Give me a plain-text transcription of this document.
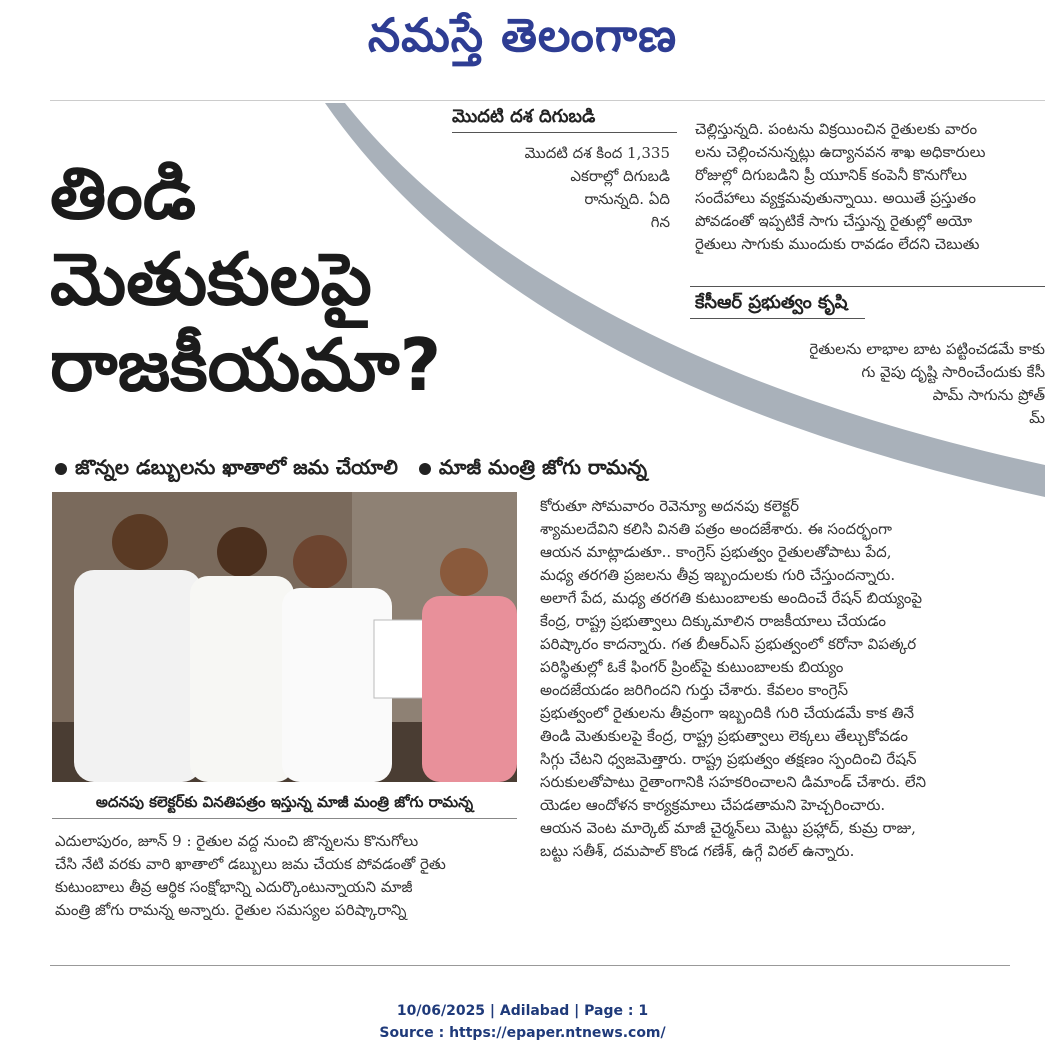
నమస్తే తెలంగాణ
తిండి
మెతుకులపై
రాజకీయమా?
మొదటి దశ దిగుబడి
మొదటి దశ కింద 1,335
ఎకరాల్లో దిగుబడి
రానున్నది. ఏది
గిన
చెల్లిస్తున్నది. పంటను విక్రయించిన రైతులకు వారం
లను చెల్లించనున్నట్లు ఉద్యానవన శాఖ అధికారులు
రోజుల్లో దిగుబడిని ప్రీ యూనిక్ కంపెనీ కొనుగోలు
సందేహాలు వ్యక్తమవుతున్నాయి. అయితే ప్రస్తుతం
పోవడంతో ఇప్పటికే సాగు చేస్తున్న రైతుల్లో అయో
రైతులు సాగుకు ముందుకు రావడం లేదని చెబుతు
కేసీఆర్ ప్రభుత్వం కృషి
రైతులను లాభాల బాట పట్టించడమే కాకు
గు వైపు దృష్టి సారించేందుకు కేసీ
పామ్ సాగును ప్రోత్
మ్
జొన్నల డబ్బులను ఖాతాలో జమ చేయాలి మాజీ మంత్రి జోగు రామన్న
అదనపు కలెక్టర్‌కు వినతిపత్రం ఇస్తున్న మాజీ మంత్రి జోగు రామన్న
ఎదులాపురం, జూన్ 9 : రైతుల వద్ద నుంచి జొన్నలను కొనుగోలు
చేసి నేటి వరకు వారి ఖాతాలో డబ్బులు జమ చేయక పోవడంతో రైతు
కుటుంబాలు తీవ్ర ఆర్థిక సంక్షోభాన్ని ఎదుర్కొంటున్నాయని మాజీ
మంత్రి జోగు రామన్న అన్నారు. రైతుల సమస్యల పరిష్కారాన్ని
కోరుతూ సోమవారం రెవెన్యూ అదనపు కలెక్టర్
శ్యామలదేవిని కలిసి వినతి పత్రం అందజేశారు. ఈ సందర్భంగా
ఆయన మాట్లాడుతూ.. కాంగ్రెస్ ప్రభుత్వం రైతులతోపాటు పేద,
మధ్య తరగతి ప్రజలను తీవ్ర ఇబ్బందులకు గురి చేస్తుందన్నారు.
అలాగే పేద, మధ్య తరగతి కుటుంబాలకు అందించే రేషన్ బియ్యంపై
కేంద్ర, రాష్ట్ర ప్రభుత్వాలు దిక్కుమాలిన రాజకీయాలు చేయడం
పరిష్కారం కాదన్నారు. గత బీఆర్‌ఎస్ ప్రభుత్వంలో కరోనా విపత్కర
పరిస్థితుల్లో ఓకే ఫింగర్ ప్రింట్‌పై కుటుంబాలకు బియ్యం
అందజేయడం జరిగిందని గుర్తు చేశారు. కేవలం కాంగ్రెస్
ప్రభుత్వంలో రైతులను తీవ్రంగా ఇబ్బందికి గురి చేయడమే కాక తినే
తిండి మెతుకులపై కేంద్ర, రాష్ట్ర ప్రభుత్వాలు లెక్కలు తేల్చుకోవడం
సిగ్గు చేటని ధ్వజమెత్తారు. రాష్ట్ర ప్రభుత్వం తక్షణం స్పందించి రేషన్
సరుకులతోపాటు రైతాంగానికి సహకరించాలని డిమాండ్ చేశారు. లేని
యెడల ఆందోళన కార్యక్రమాలు చేపడతామని హెచ్చరించారు.
ఆయన వెంట మార్కెట్ మాజీ చైర్మన్‌లు మెట్టు ప్రహ్లాద్, కుమ్ర రాజు,
బట్టు సతీశ్, దమపాల్ కొండ గణేశ్, ఉగ్గే విఠల్ ఉన్నారు.
10/06/2025 | Adilabad | Page : 1
Source : https://epaper.ntnews.com/
